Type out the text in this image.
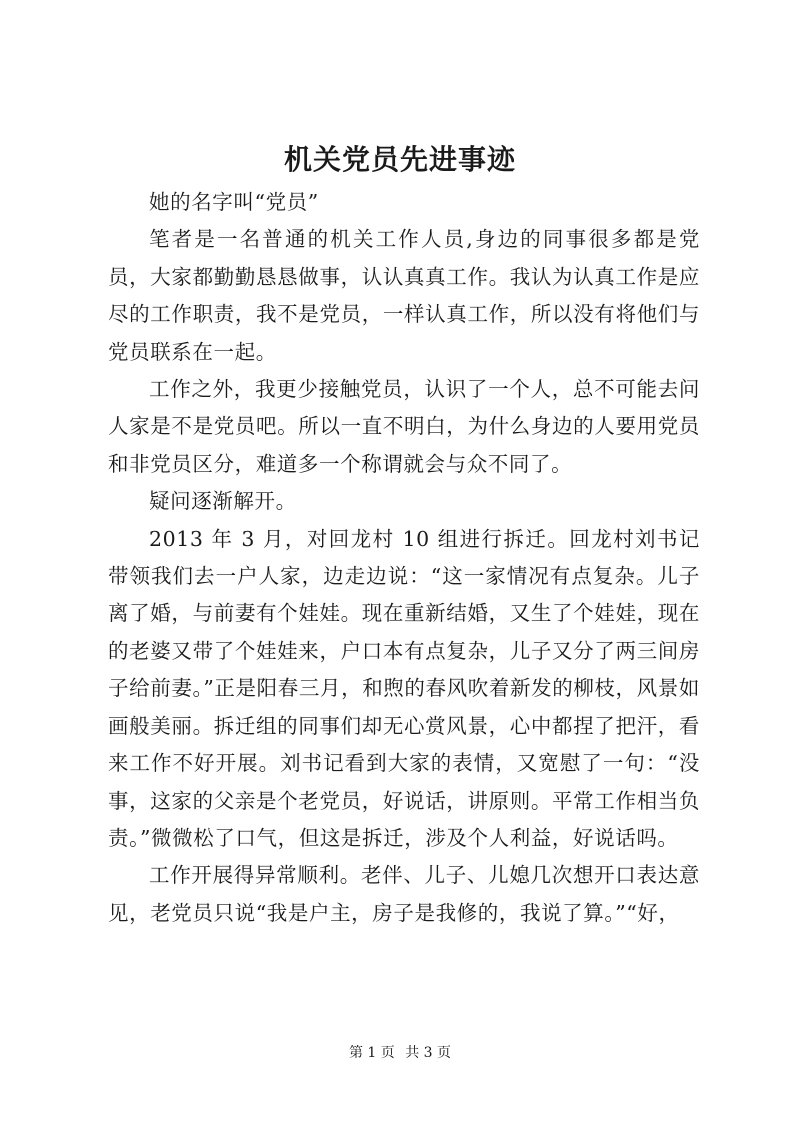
机关党员先进事迹

她的名字叫“党员”

笔者是一名普通的机关工作人员,身边的同事很多都是党员，大家都勤勤恳恳做事，认认真真工作。我认为认真工作是应尽的工作职责，我不是党员，一样认真工作，所以没有将他们与党员联系在一起。

工作之外，我更少接触党员，认识了一个人，总不可能去问人家是不是党员吧。所以一直不明白，为什么身边的人要用党员和非党员区分，难道多一个称谓就会与众不同了。

疑问逐渐解开。

2013 年 3 月，对回龙村 10 组进行拆迁。回龙村刘书记带领我们去一户人家，边走边说：“这一家情况有点复杂。儿子离了婚，与前妻有个娃娃。现在重新结婚，又生了个娃娃，现在的老婆又带了个娃娃来，户口本有点复杂，儿子又分了两三间房子给前妻。”正是阳春三月，和煦的春风吹着新发的柳枝，风景如画般美丽。拆迁组的同事们却无心赏风景，心中都捏了把汗，看来工作不好开展。刘书记看到大家的表情，又宽慰了一句：“没事，这家的父亲是个老党员，好说话，讲原则。平常工作相当负责。”微微松了口气，但这是拆迁，涉及个人利益，好说话吗。

工作开展得异常顺利。老伴、儿子、儿媳几次想开口表达意见，老党员只说“我是户主，房子是我修的，我说了算。”“好，

第 1 页 共 3 页
